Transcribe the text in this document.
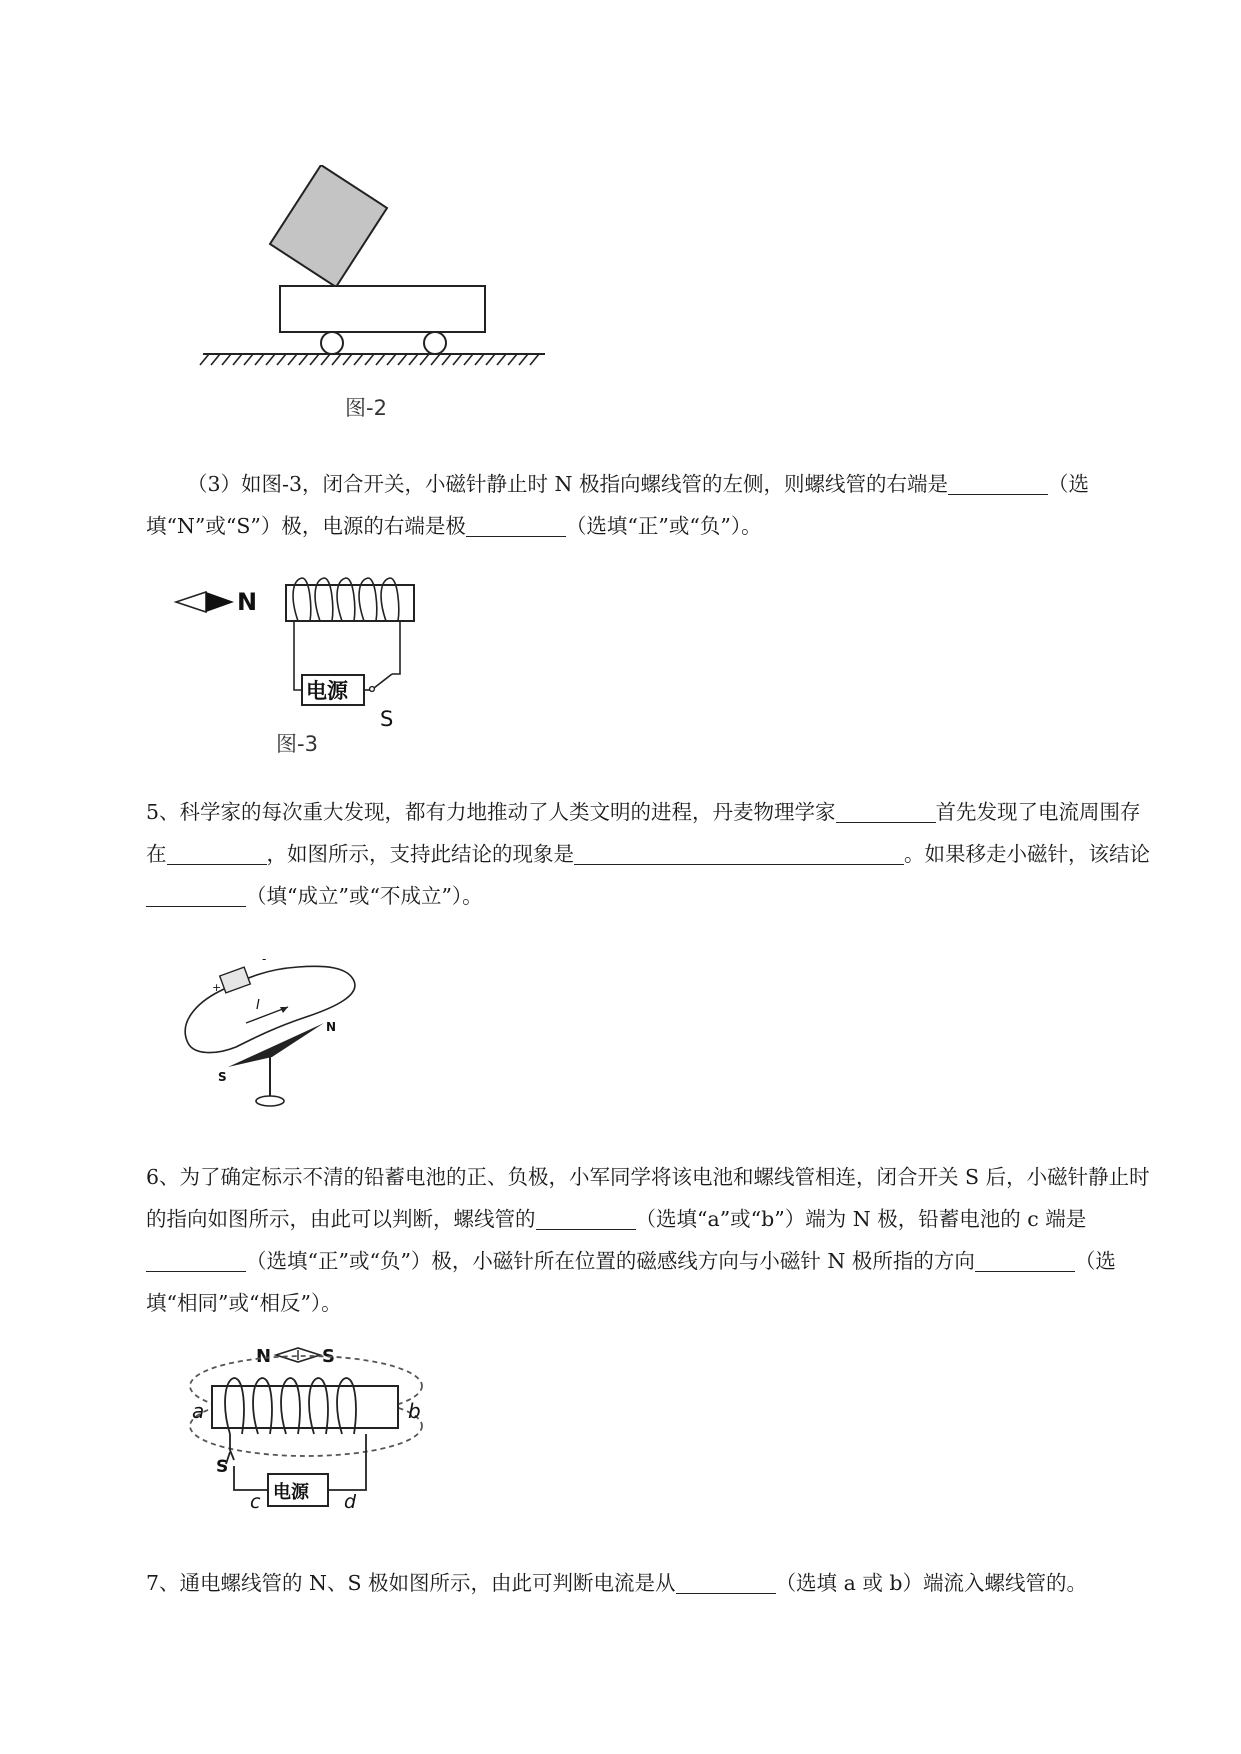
图-2

（3）如图-3，闭合开关，小磁针静止时 N 极指向螺线管的左侧，则螺线管的右端是	（选填“N”或“S”）极，电源的右端是极	（选填“正”或“负”）。

N
电源
S
图-3

5、科学家的每次重大发现，都有力地推动了人类文明的进程，丹麦物理学家	首先发现了电流周围存在	，如图所示，支持此结论的现象是	。如果移走小磁针，该结论（填“成立”或“不成立”）。

+
-
I
N
S

6、为了确定标示不清的铅蓄电池的正、负极，小军同学将该电池和螺线管相连，闭合开关 S 后，小磁针静止时的指向如图所示，由此可以判断，螺线管的	（选填“a”或“b”）端为 N 极，铅蓄电池的 c 端是（选填“正”或“负”）极，小磁针所在位置的磁感线方向与小磁针 N 极所指的方向	（选填“相同”或“相反”）。

N	S
a	b
S
电源
c	d

7、通电螺线管的 N、S 极如图所示，由此可判断电流是从	（选填 a 或 b）端流入螺线管的。
